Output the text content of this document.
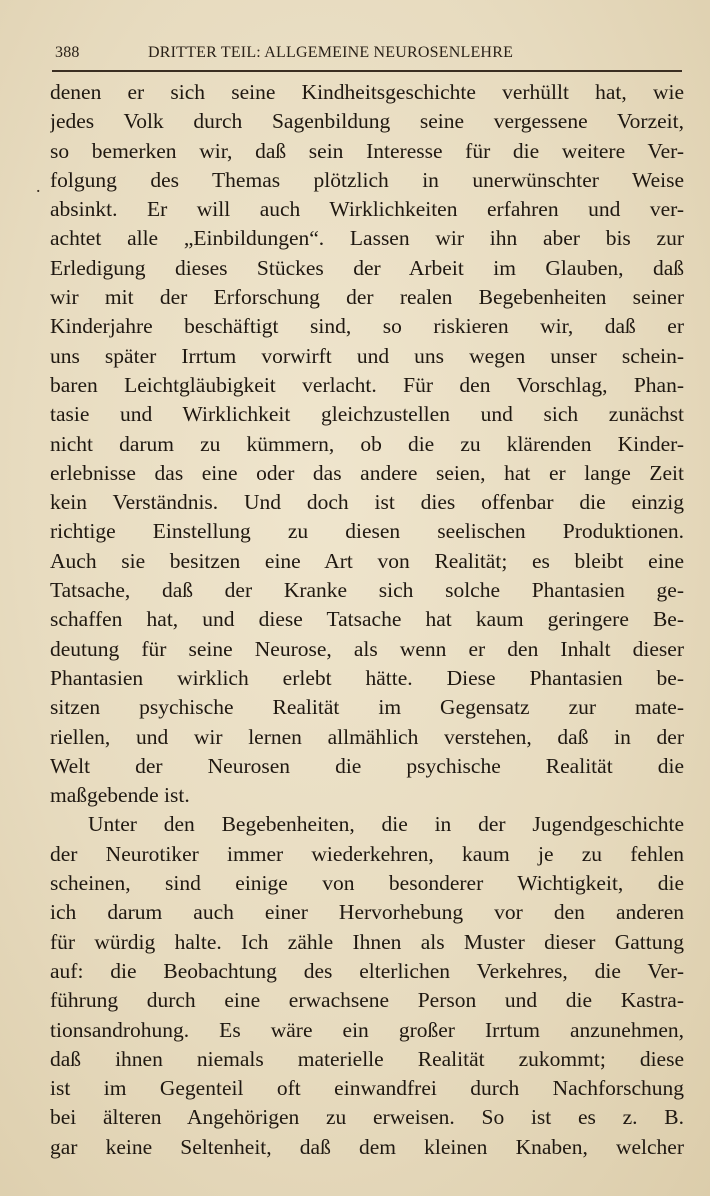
388	DRITTER TEIL: ALLGEMEINE NEUROSENLEHRE
.
denen er sich seine Kindheitsgeschichte verhüllt hat, wie
jedes Volk durch Sagenbildung seine vergessene Vorzeit,
so bemerken wir, daß sein Interesse für die weitere Ver-
folgung des Themas plötzlich in unerwünschter Weise
absinkt. Er will auch Wirklichkeiten erfahren und ver-
achtet alle „Einbildungen“. Lassen wir ihn aber bis zur
Erledigung dieses Stückes der Arbeit im Glauben, daß
wir mit der Erforschung der realen Begebenheiten seiner
Kinderjahre beschäftigt sind, so riskieren wir, daß er
uns später Irrtum vorwirft und uns wegen unser schein-
baren Leichtgläubigkeit verlacht. Für den Vorschlag, Phan-
tasie und Wirklichkeit gleichzustellen und sich zunächst
nicht darum zu kümmern, ob die zu klärenden Kinder-
erlebnisse das eine oder das andere seien, hat er lange Zeit
kein Verständnis. Und doch ist dies offenbar die einzig
richtige Einstellung zu diesen seelischen Produktionen.
Auch sie besitzen eine Art von Realität; es bleibt eine
Tatsache, daß der Kranke sich solche Phantasien ge-
schaffen hat, und diese Tatsache hat kaum geringere Be-
deutung für seine Neurose, als wenn er den Inhalt dieser
Phantasien wirklich erlebt hätte. Diese Phantasien be-
sitzen psychische Realität im Gegensatz zur mate-
riellen, und wir lernen allmählich verstehen, daß in der
Welt der Neurosen die psychische Realität die
maßgebende ist.
Unter den Begebenheiten, die in der Jugendgeschichte
der Neurotiker immer wiederkehren, kaum je zu fehlen
scheinen, sind einige von besonderer Wichtigkeit, die
ich darum auch einer Hervorhebung vor den anderen
für würdig halte. Ich zähle Ihnen als Muster dieser Gattung
auf: die Beobachtung des elterlichen Verkehres, die Ver-
führung durch eine erwachsene Person und die Kastra-
tionsandrohung. Es wäre ein großer Irrtum anzunehmen,
daß ihnen niemals materielle Realität zukommt; diese
ist im Gegenteil oft einwandfrei durch Nachforschung
bei älteren Angehörigen zu erweisen. So ist es z. B.
gar keine Seltenheit, daß dem kleinen Knaben, welcher
